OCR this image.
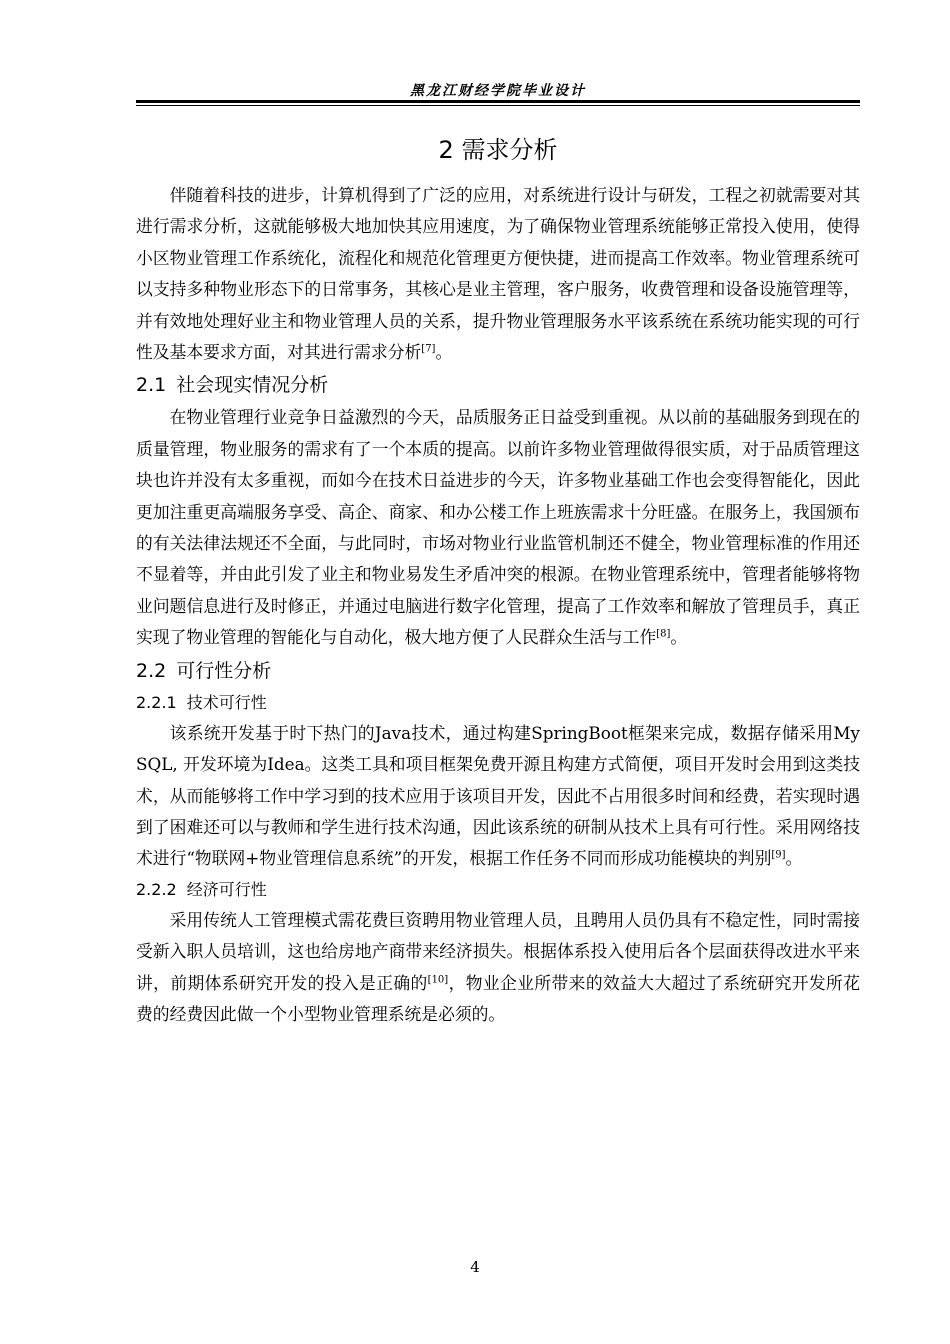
黑龙江财经学院毕业设计
2 需求分析

伴随着科技的进步，计算机得到了广泛的应用，对系统进行设计与研发，工程之初就需要对其进行需求分析，这就能够极大地加快其应用速度，为了确保物业管理系统能够正常投入使用，使得小区物业管理工作系统化，流程化和规范化管理更方便快捷，进而提高工作效率。物业管理系统可以支持多种物业形态下的日常事务，其核心是业主管理，客户服务，收费管理和设备设施管理等，并有效地处理好业主和物业管理人员的关系，提升物业管理服务水平该系统在系统功能实现的可行性及基本要求方面，对其进行需求分析[7]。

2.1 社会现实情况分析

在物业管理行业竞争日益激烈的今天，品质服务正日益受到重视。从以前的基础服务到现在的质量管理，物业服务的需求有了一个本质的提高。以前许多物业管理做得很实质，对于品质管理这块也许并没有太多重视，而如今在技术日益进步的今天，许多物业基础工作也会变得智能化，因此更加注重更高端服务享受、高企、商家、和办公楼工作上班族需求十分旺盛。在服务上，我国颁布的有关法律法规还不全面，与此同时，市场对物业行业监管机制还不健全，物业管理标准的作用还不显着等，并由此引发了业主和物业易发生矛盾冲突的根源。在物业管理系统中，管理者能够将物业问题信息进行及时修正，并通过电脑进行数字化管理，提高了工作效率和解放了管理员手，真正实现了物业管理的智能化与自动化，极大地方便了人民群众生活与工作[8]。

2.2 可行性分析
2.2.1 技术可行性

该系统开发基于时下热门的Java技术，通过构建SpringBoot框架来完成，数据存储采用MySQL, 开发环境为Idea。这类工具和项目框架免费开源且构建方式简便，项目开发时会用到这类技术，从而能够将工作中学习到的技术应用于该项目开发，因此不占用很多时间和经费，若实现时遇到了困难还可以与教师和学生进行技术沟通，因此该系统的研制从技术上具有可行性。采用网络技术进行“物联网+物业管理信息系统”的开发，根据工作任务不同而形成功能模块的判别[9]。

2.2.2 经济可行性

采用传统人工管理模式需花费巨资聘用物业管理人员，且聘用人员仍具有不稳定性，同时需接受新入职人员培训，这也给房地产商带来经济损失。根据体系投入使用后各个层面获得改进水平来讲，前期体系研究开发的投入是正确的[10]，物业企业所带来的效益大大超过了系统研究开发所花费的经费因此做一个小型物业管理系统是必须的。

4
